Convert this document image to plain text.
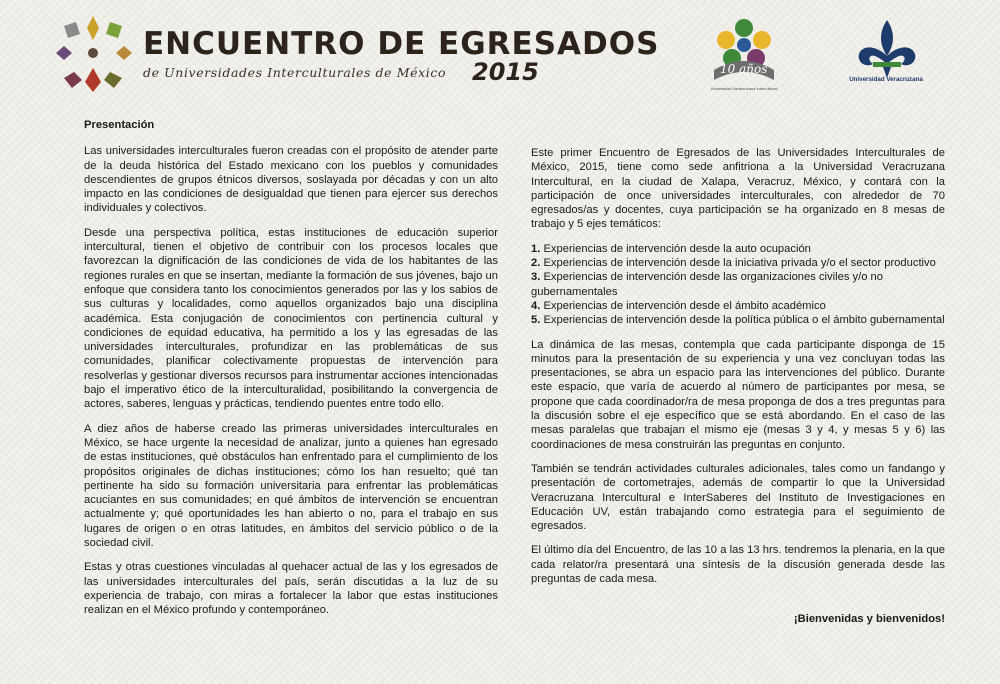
ENCUENTRO DE EGRESADOS
de Universidades Interculturales de México 2015	10 años
Universidad Veracruzana Intercultural
Universidad Veracruzana
Presentación

Las universidades interculturales fueron creadas con el propósito de atender parte de la deuda histórica del Estado mexicano con los pueblos y comunidades descendientes de grupos étnicos diversos, soslayada por décadas y con un alto impacto en las condiciones de desigualdad que tienen para ejercer sus derechos individuales y colectivos.

Desde una perspectiva política, estas instituciones de educación superior intercultural, tienen el objetivo de contribuir con los procesos locales que favorezcan la dignificación de las condiciones de vida de los habitantes de las regiones rurales en que se insertan, mediante la formación de sus jóvenes, bajo un enfoque que considera tanto los conocimientos generados por las y los sabios de sus culturas y localidades, como aquellos organizados bajo una disciplina académica. Esta conjugación de conocimientos con pertinencia cultural y condiciones de equidad educativa, ha permitido a los y las egresadas de las universidades interculturales, profundizar en las problemáticas de sus comunidades, planificar colectivamente propuestas de intervención para resolverlas y gestionar diversos recursos para instrumentar acciones intencionadas bajo el imperativo ético de la interculturalidad, posibilitando la convergencia de actores, saberes, lenguas y prácticas, tendiendo puentes entre todo ello.

A diez años de haberse creado las primeras universidades interculturales en México, se hace urgente la necesidad de analizar, junto a quienes han egresado de estas instituciones, qué obstáculos han enfrentado para el cumplimiento de los propósitos originales de dichas instituciones; cómo los han resuelto; qué tan pertinente ha sido su formación universitaria para enfrentar las problemáticas acuciantes en sus comunidades; en qué ámbitos de intervención se encuentran actualmente y; qué oportunidades les han abierto o no, para el trabajo en sus lugares de origen o en otras latitudes, en ámbitos del servicio público o de la sociedad civil.

Estas y otras cuestiones vinculadas al quehacer actual de las y los egresados de las universidades interculturales del país, serán discutidas a la luz de su experiencia de trabajo, con miras a fortalecer la labor que estas instituciones realizan en el México profundo y contemporáneo.

Este primer Encuentro de Egresados de las Universidades Interculturales de México, 2015, tiene como sede anfitriona a la Universidad Veracruzana Intercultural, en la ciudad de Xalapa, Veracruz, México, y contará con la participación de once universidades interculturales, con alrededor de 70 egresados/as y docentes, cuya participación se ha organizado en 8 mesas de trabajo y 5 ejes temáticos:

1. Experiencias de intervención desde la auto ocupación
2. Experiencias de intervención desde la iniciativa privada y/o el sector productivo
3. Experiencias de intervención desde las organizaciones civiles y/o no gubernamentales
4. Experiencias de intervención desde el ámbito académico
5. Experiencias de intervención desde la política pública o el ámbito gubernamental

La dinámica de las mesas, contempla que cada participante disponga de 15 minutos para la presentación de su experiencia y una vez concluyan todas las presentaciones, se abra un espacio para las intervenciones del público. Durante este espacio, que varía de acuerdo al número de participantes por mesa, se propone que cada coordinador/ra de mesa proponga de dos a tres preguntas para la discusión sobre el eje específico que se está abordando. En el caso de las mesas paralelas que trabajan el mismo eje (mesas 3 y 4, y mesas 5 y 6) las coordinaciones de mesa construirán las preguntas en conjunto.

También se tendrán actividades culturales adicionales, tales como un fandango y presentación de cortometrajes, además de compartir lo que la Universidad Veracruzana Intercultural e InterSaberes del Instituto de Investigaciones en Educación UV, están trabajando como estrategia para el seguimiento de egresados.

El último día del Encuentro, de las 10 a las 13 hrs. tendremos la plenaria, en la que cada relator/ra presentará una síntesis de la discusión generada desde las preguntas de cada mesa.

¡Bienvenidas y bienvenidos!
